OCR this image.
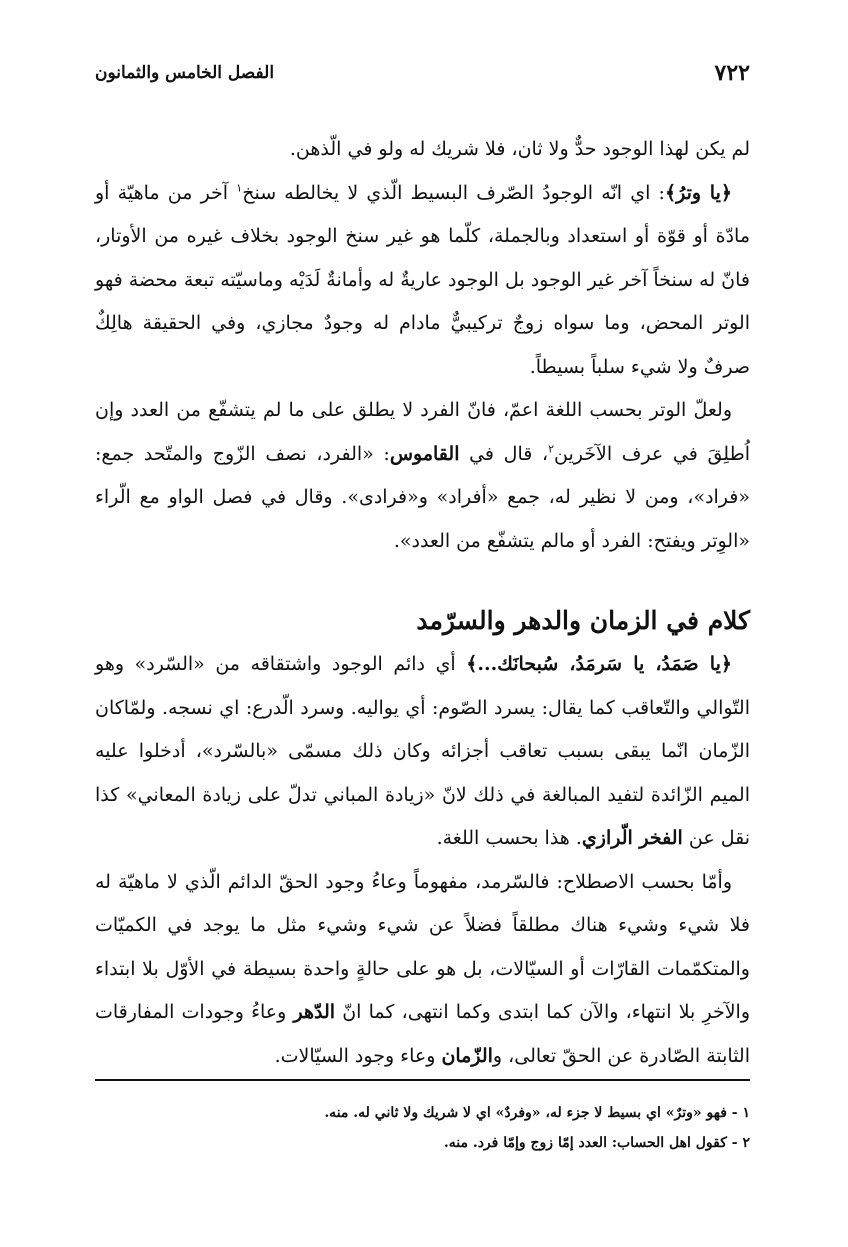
٧٢٢
الفصل الخامس والثمانون

لم يكن لهذا الوجود حدٌّ ولا ثان، فلا شريك له ولو في الّذهن.

﴿يا وترُ﴾: اي انّه الوجودُ الصّرف البسيط الّذي لا يخالطه سنخ$^١$ آخر من ماهيّة أو مادّة أو قوّة أو استعداد وبالجملة، كلّما هو غير سنخ الوجود بخلاف غيره من الأوتار، فانّ له سنخاً آخر غير الوجود بل الوجود عاريةٌ له وأمانةٌ لَدَيْه وماسيّته تبعة محضة فهو الوتر المحض، وما سواه زوجٌ تركيبيٌّ مادام له وجودٌ مجازي، وفي الحقيقة هالِكٌ صرفٌ ولا شيء سلباً بسيطاً.

ولعلّ الوتر بحسب اللغة اعمّ، فانّ الفرد لا يطلق على ما لم يتشفّع من العدد وإن اُطلِقَ في عرف الآخَرين$^٢$، قال في القاموس: «الفرد، نصف الزّوج والمتّحد جمع: «فراد»، ومن لا نظير له، جمع «أفراد» و«فرادى». وقال في فصل الواو مع الّراء «الوِتر ويفتح: الفرد أو مالم يتشفّع من العدد».

كلام في الزمان والدهر والسرّمد

﴿يا صَمَدُ، يا سَرمَدُ، سُبحانَك...﴾ أي دائم الوجود واشتقاقه من «السّرد» وهو التّوالي والتّعاقب كما يقال: يسرد الصّوم: أي يواليه. وسرد الّدرع: اي نسجه. ولمّاكان الزّمان انّما يبقى بسبب تعاقب أجزائه وكان ذلك مسمّى «بالسّرد»، أدخلوا عليه الميم الزّائدة لتفيد المبالغة في ذلك لانّ «زيادة المباني تدلّ على زيادة المعاني» كذا نقل عن الفخر الّرازي. هذا بحسب اللغة.

وأمّا بحسب الاصطلاح: فالسّرمد، مفهوماً وعاءُ وجود الحقّ الدائم الّذي لا ماهيّة له فلا شيء وشيء هناك مطلقاً فضلاً عن شيء وشيء مثل ما يوجد في الكميّات والمتكمّمات القارّات أو السيّالات، بل هو على حالةٍ واحدة بسيطة في الأوّل بلا ابتداء والآخرِ بلا انتهاء، والآن كما ابتدى وكما انتهى، كما انّ الدّهر وعاءُ وجودات المفارقات الثابتة الصّادرة عن الحقّ تعالى، والزّمان وعاء وجود السيّالات.

١ - فهو «وترٌ» اي بسيط لا جزء له، «وفردٌ» اي لا شريك ولا ثاني له. منه.

٢ - كقول اهل الحساب: العدد إمّا زوج وإمّا فرد. منه.
